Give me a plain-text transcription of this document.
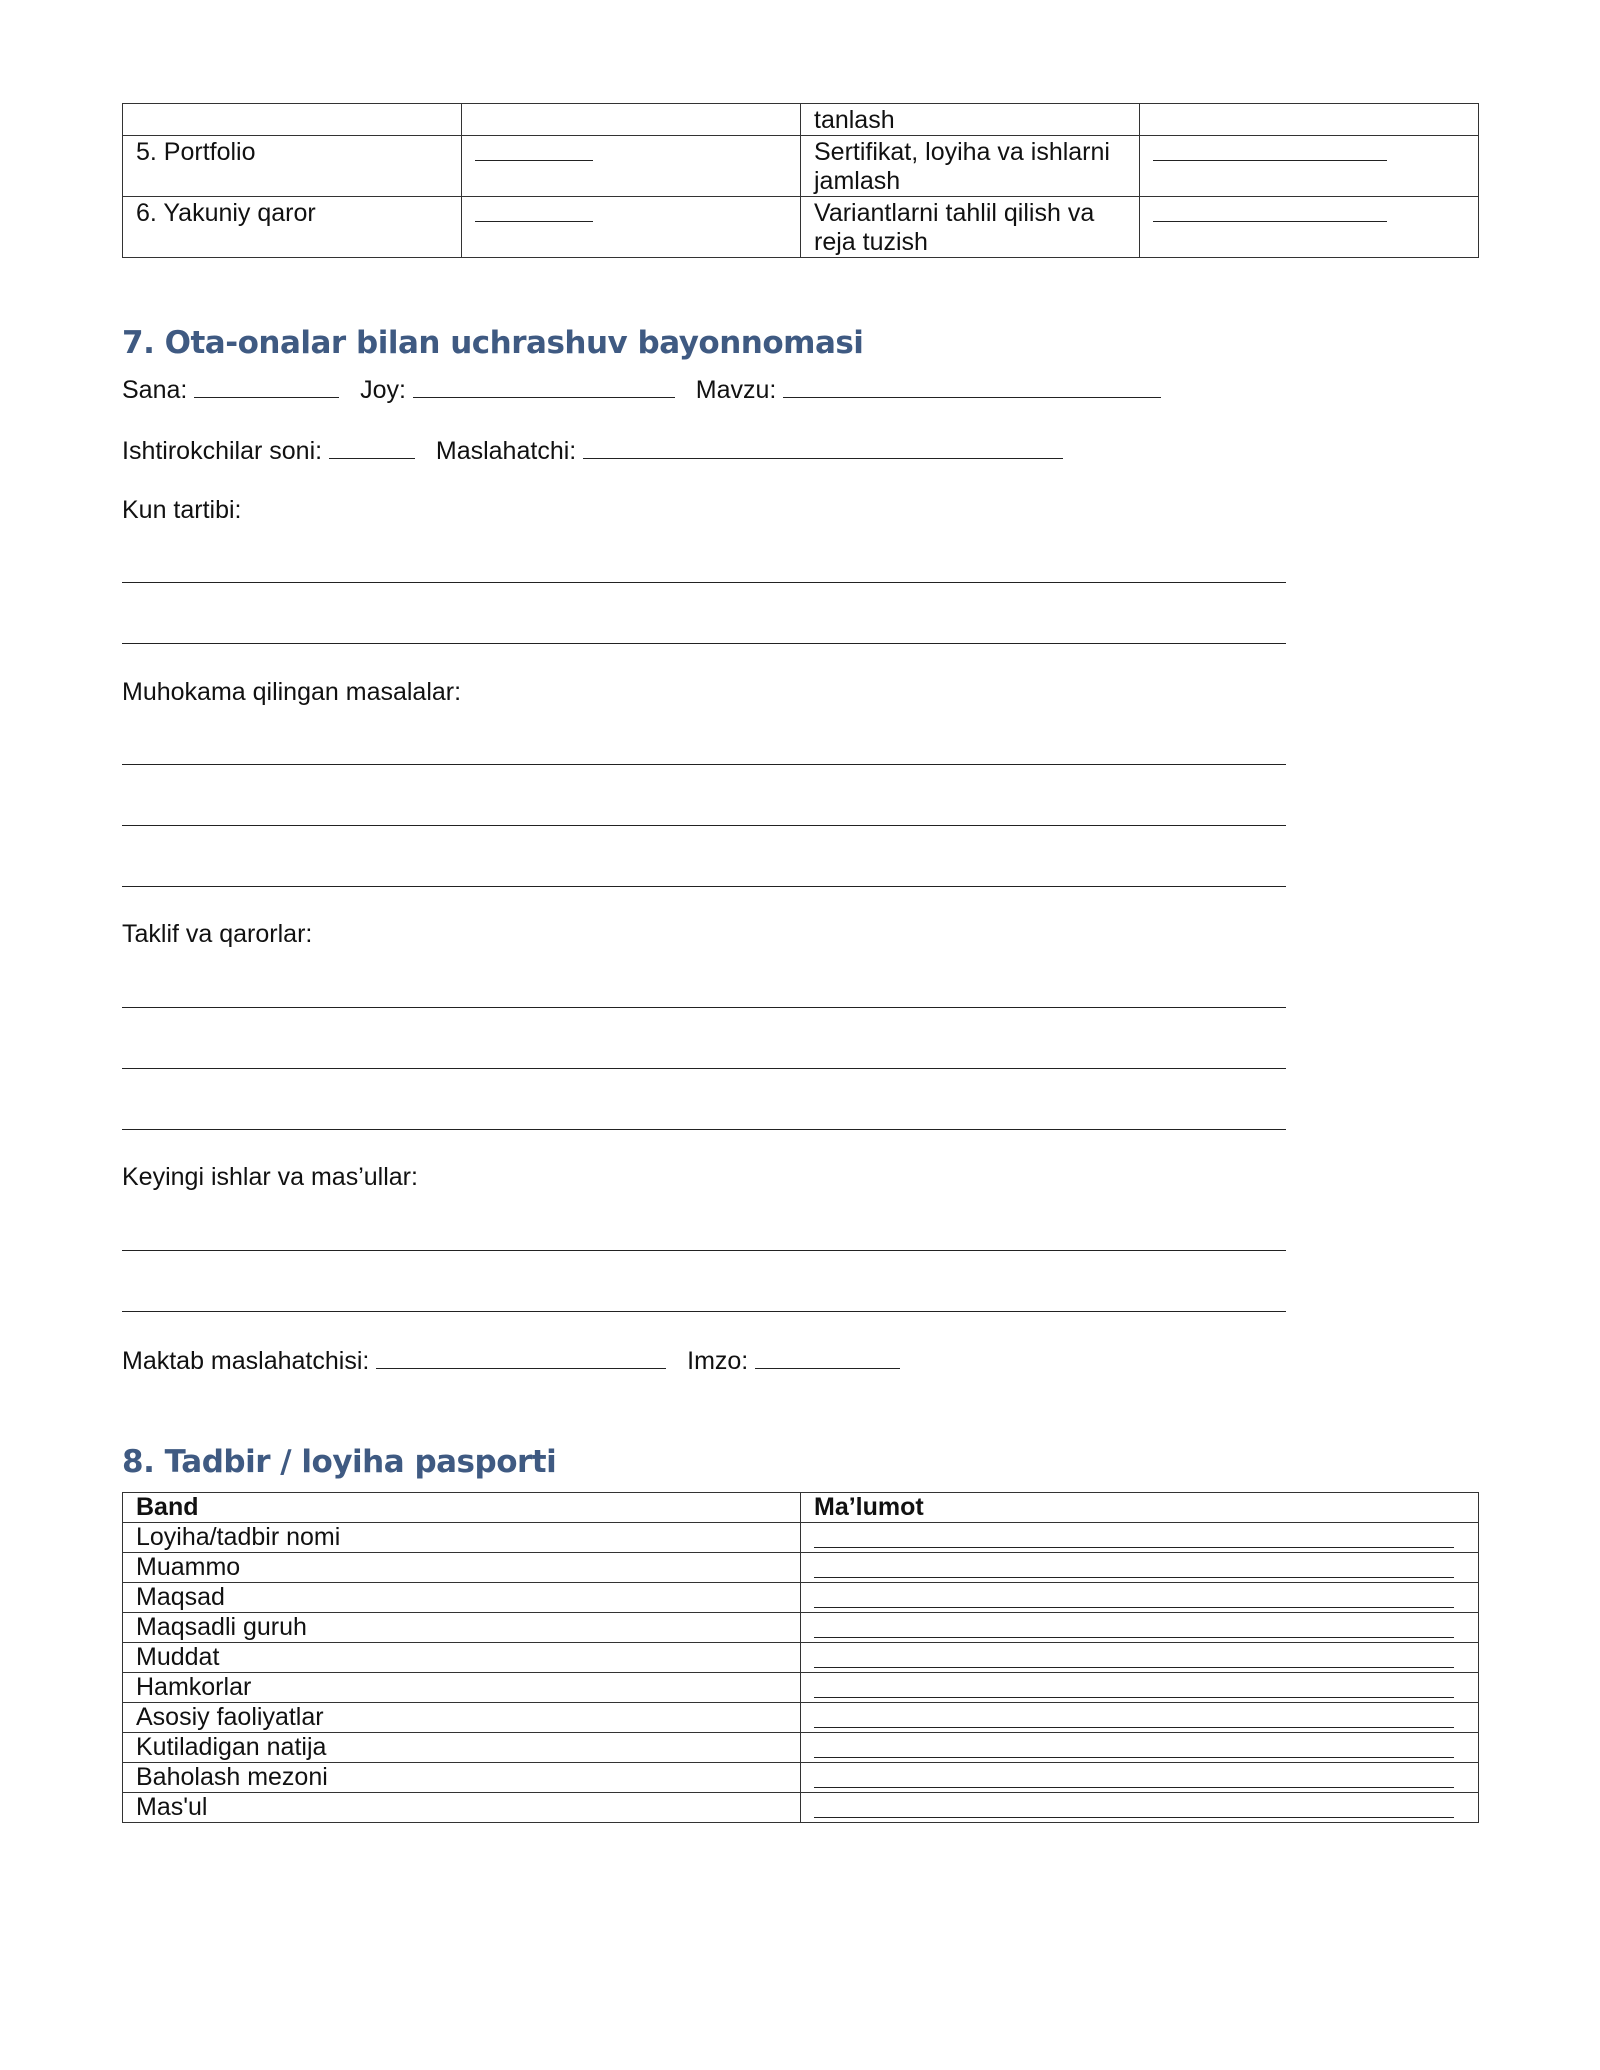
		tanlash	
5. Portfolio		Sertifikat, loyiha va ishlarni jamlash	
6. Yakuniy qaror		Variantlarni tahlil qilish va reja tuzish	
7. Ota-onalar bilan uchrashuv bayonnomasi
Sana:	Joy:	Mavzu:
Ishtirokchilar soni:	Maslahatchi:
Kun tartibi:
Muhokama qilingan masalalar:
Taklif va qarorlar:
Keyingi ishlar va mas’ullar:
Maktab maslahatchisi:	Imzo:
8. Tadbir / loyiha pasporti
Band	Ma’lumot
Loyiha/tadbir nomi	

Muammo	

Maqsad	

Maqsadli guruh	

Muddat	

Hamkorlar	

Asosiy faoliyatlar	

Kutiladigan natija	

Baholash mezoni	

Mas'ul	
